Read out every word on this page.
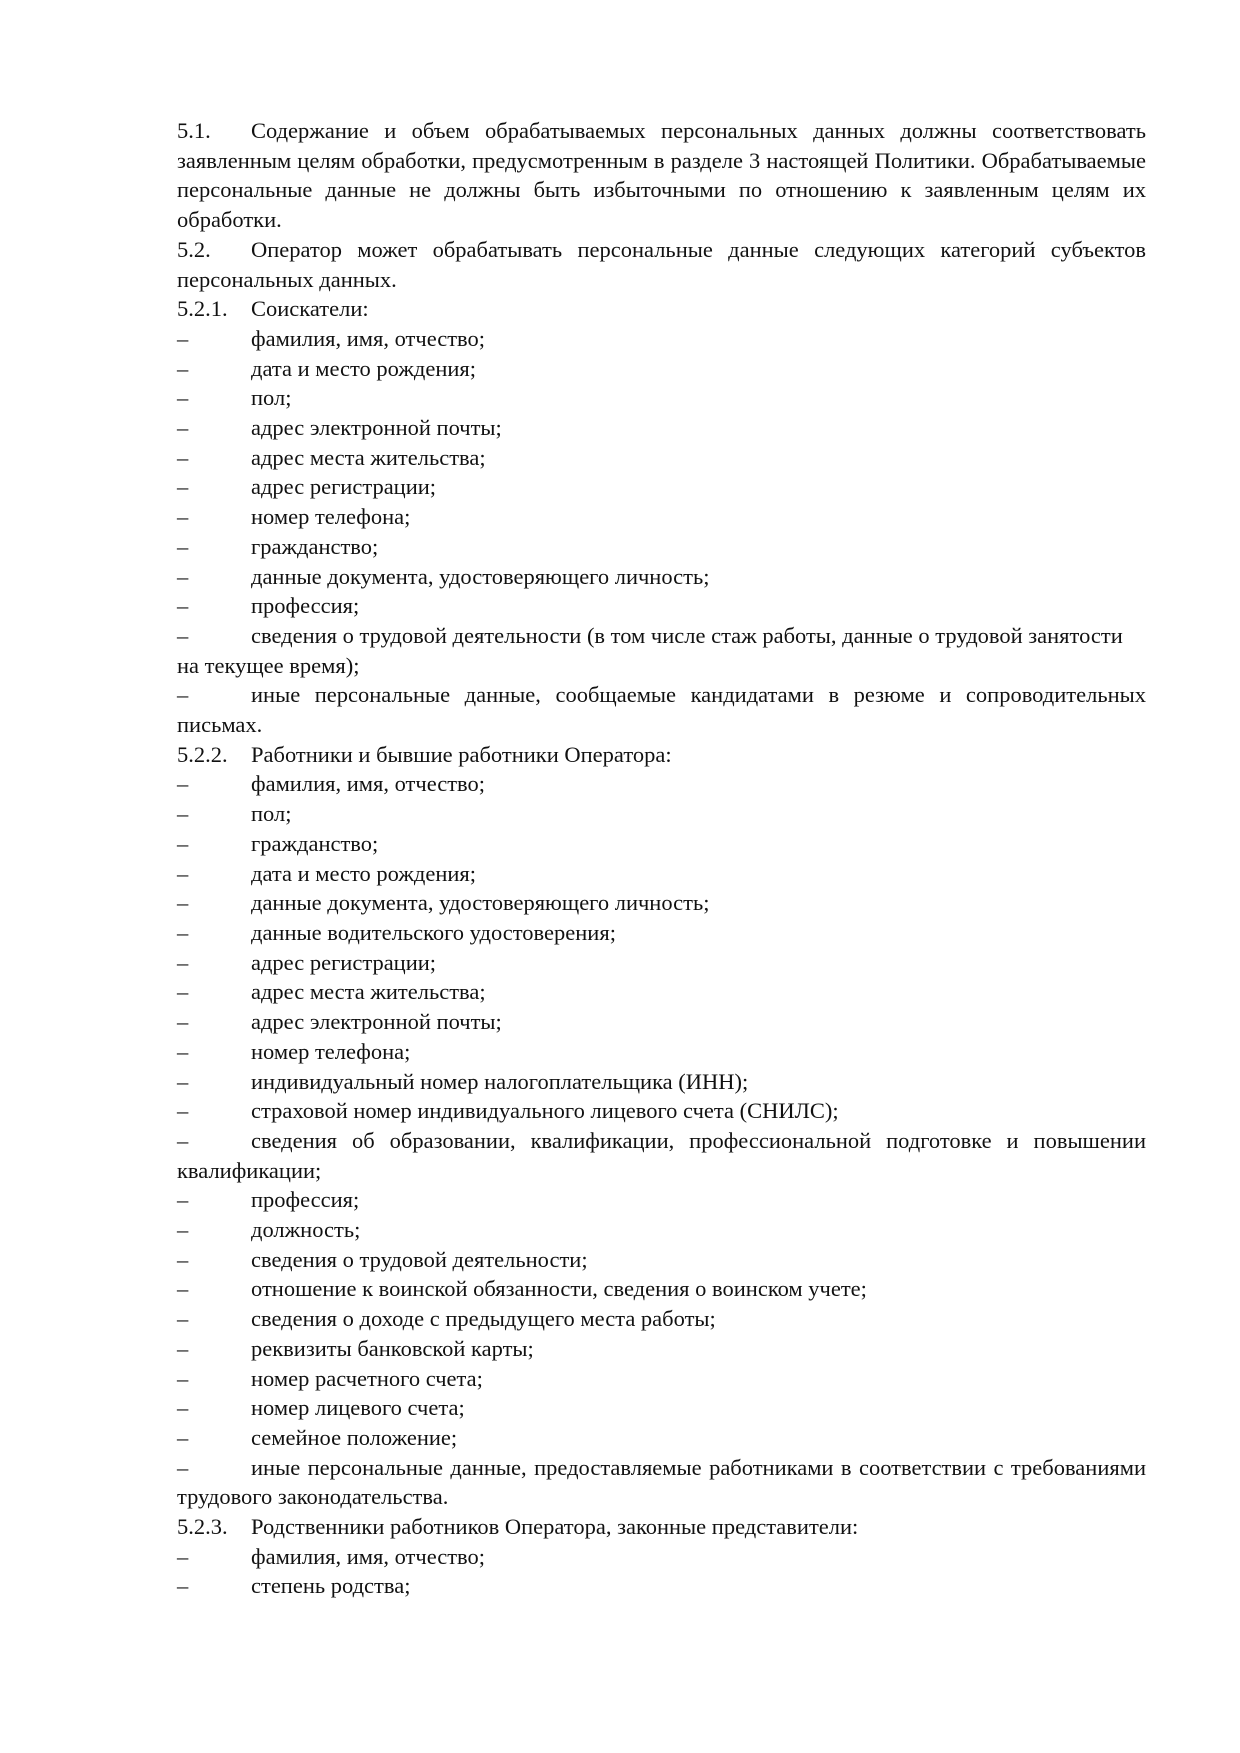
5.1. Содержание и объем обрабатываемых персональных данных должны соответствовать заявленным целям обработки, предусмотренным в разделе 3 настоящей Политики. Обрабатываемые персональные данные не должны быть избыточными по отношению к заявленным целям их обработки.

5.2. Оператор может обрабатывать персональные данные следующих категорий субъектов персональных данных.

5.2.1. Соискатели:

–	фамилия, имя, отчество;

–	дата и место рождения;

–	пол;

–	адрес электронной почты;

–	адрес места жительства;

–	адрес регистрации;

–	номер телефона;

–	гражданство;

–	данные документа, удостоверяющего личность;

–	профессия;

–	сведения о трудовой деятельности (в том числе стаж работы, данные о трудовой занятости на текущее время);

–	иные персональные данные, сообщаемые кандидатами в резюме и сопроводительных письмах.

5.2.2. Работники и бывшие работники Оператора:

–	фамилия, имя, отчество;

–	пол;

–	гражданство;

–	дата и место рождения;

–	данные документа, удостоверяющего личность;

–	данные водительского удостоверения;

–	адрес регистрации;

–	адрес места жительства;

–	адрес электронной почты;

–	номер телефона;

–	индивидуальный номер налогоплательщика (ИНН);

–	страховой номер индивидуального лицевого счета (СНИЛС);

–	сведения об образовании, квалификации, профессиональной подготовке и повышении квалификации;

–	профессия;

–	должность;

–	сведения о трудовой деятельности;

–	отношение к воинской обязанности, сведения о воинском учете;

–	сведения о доходе с предыдущего места работы;

–	реквизиты банковской карты;

–	номер расчетного счета;

–	номер лицевого счета;

–	семейное положение;

–	иные персональные данные, предоставляемые работниками в соответствии с требованиями трудового законодательства.

5.2.3. Родственники работников Оператора, законные представители:

–	фамилия, имя, отчество;

–	степень родства;
